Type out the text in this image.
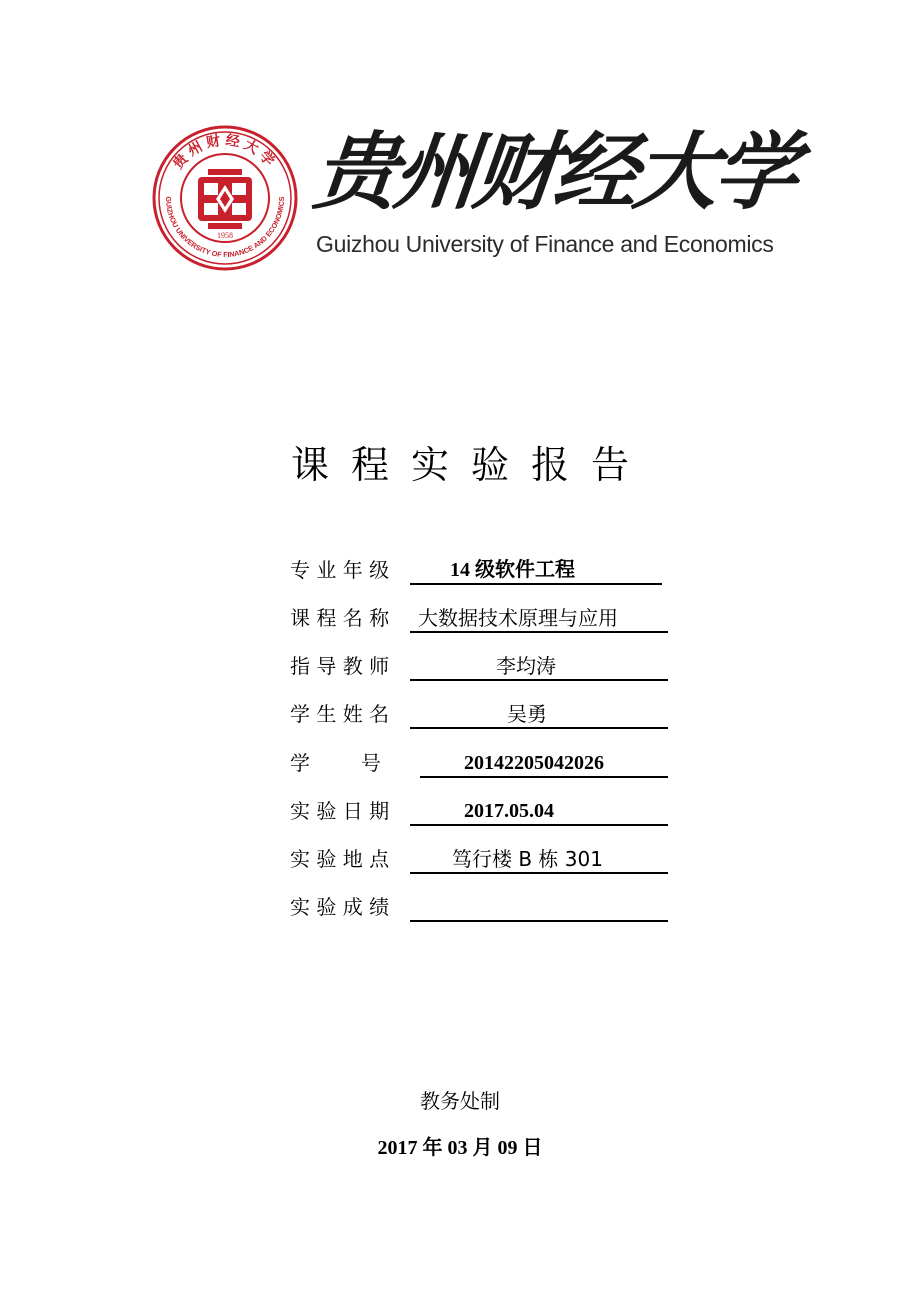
贵州财经大学
GUIZHOU UNIVERSITY OF FINANCE AND ECONOMICS
1958
贵州财经大学
Guizhou University of Finance and Economics
课程实验报告
专 业 年 级	14 级软件工程
课 程 名 称	大数据技术原理与应用
指 导 教 师	李均涛
学 生 姓 名	吴勇
学        号	20142205042026
实 验 日 期	2017.05.04
实 验 地 点	笃行楼 B 栋 301
实 验 成 绩
教务处制
2017 年 03 月 09 日
